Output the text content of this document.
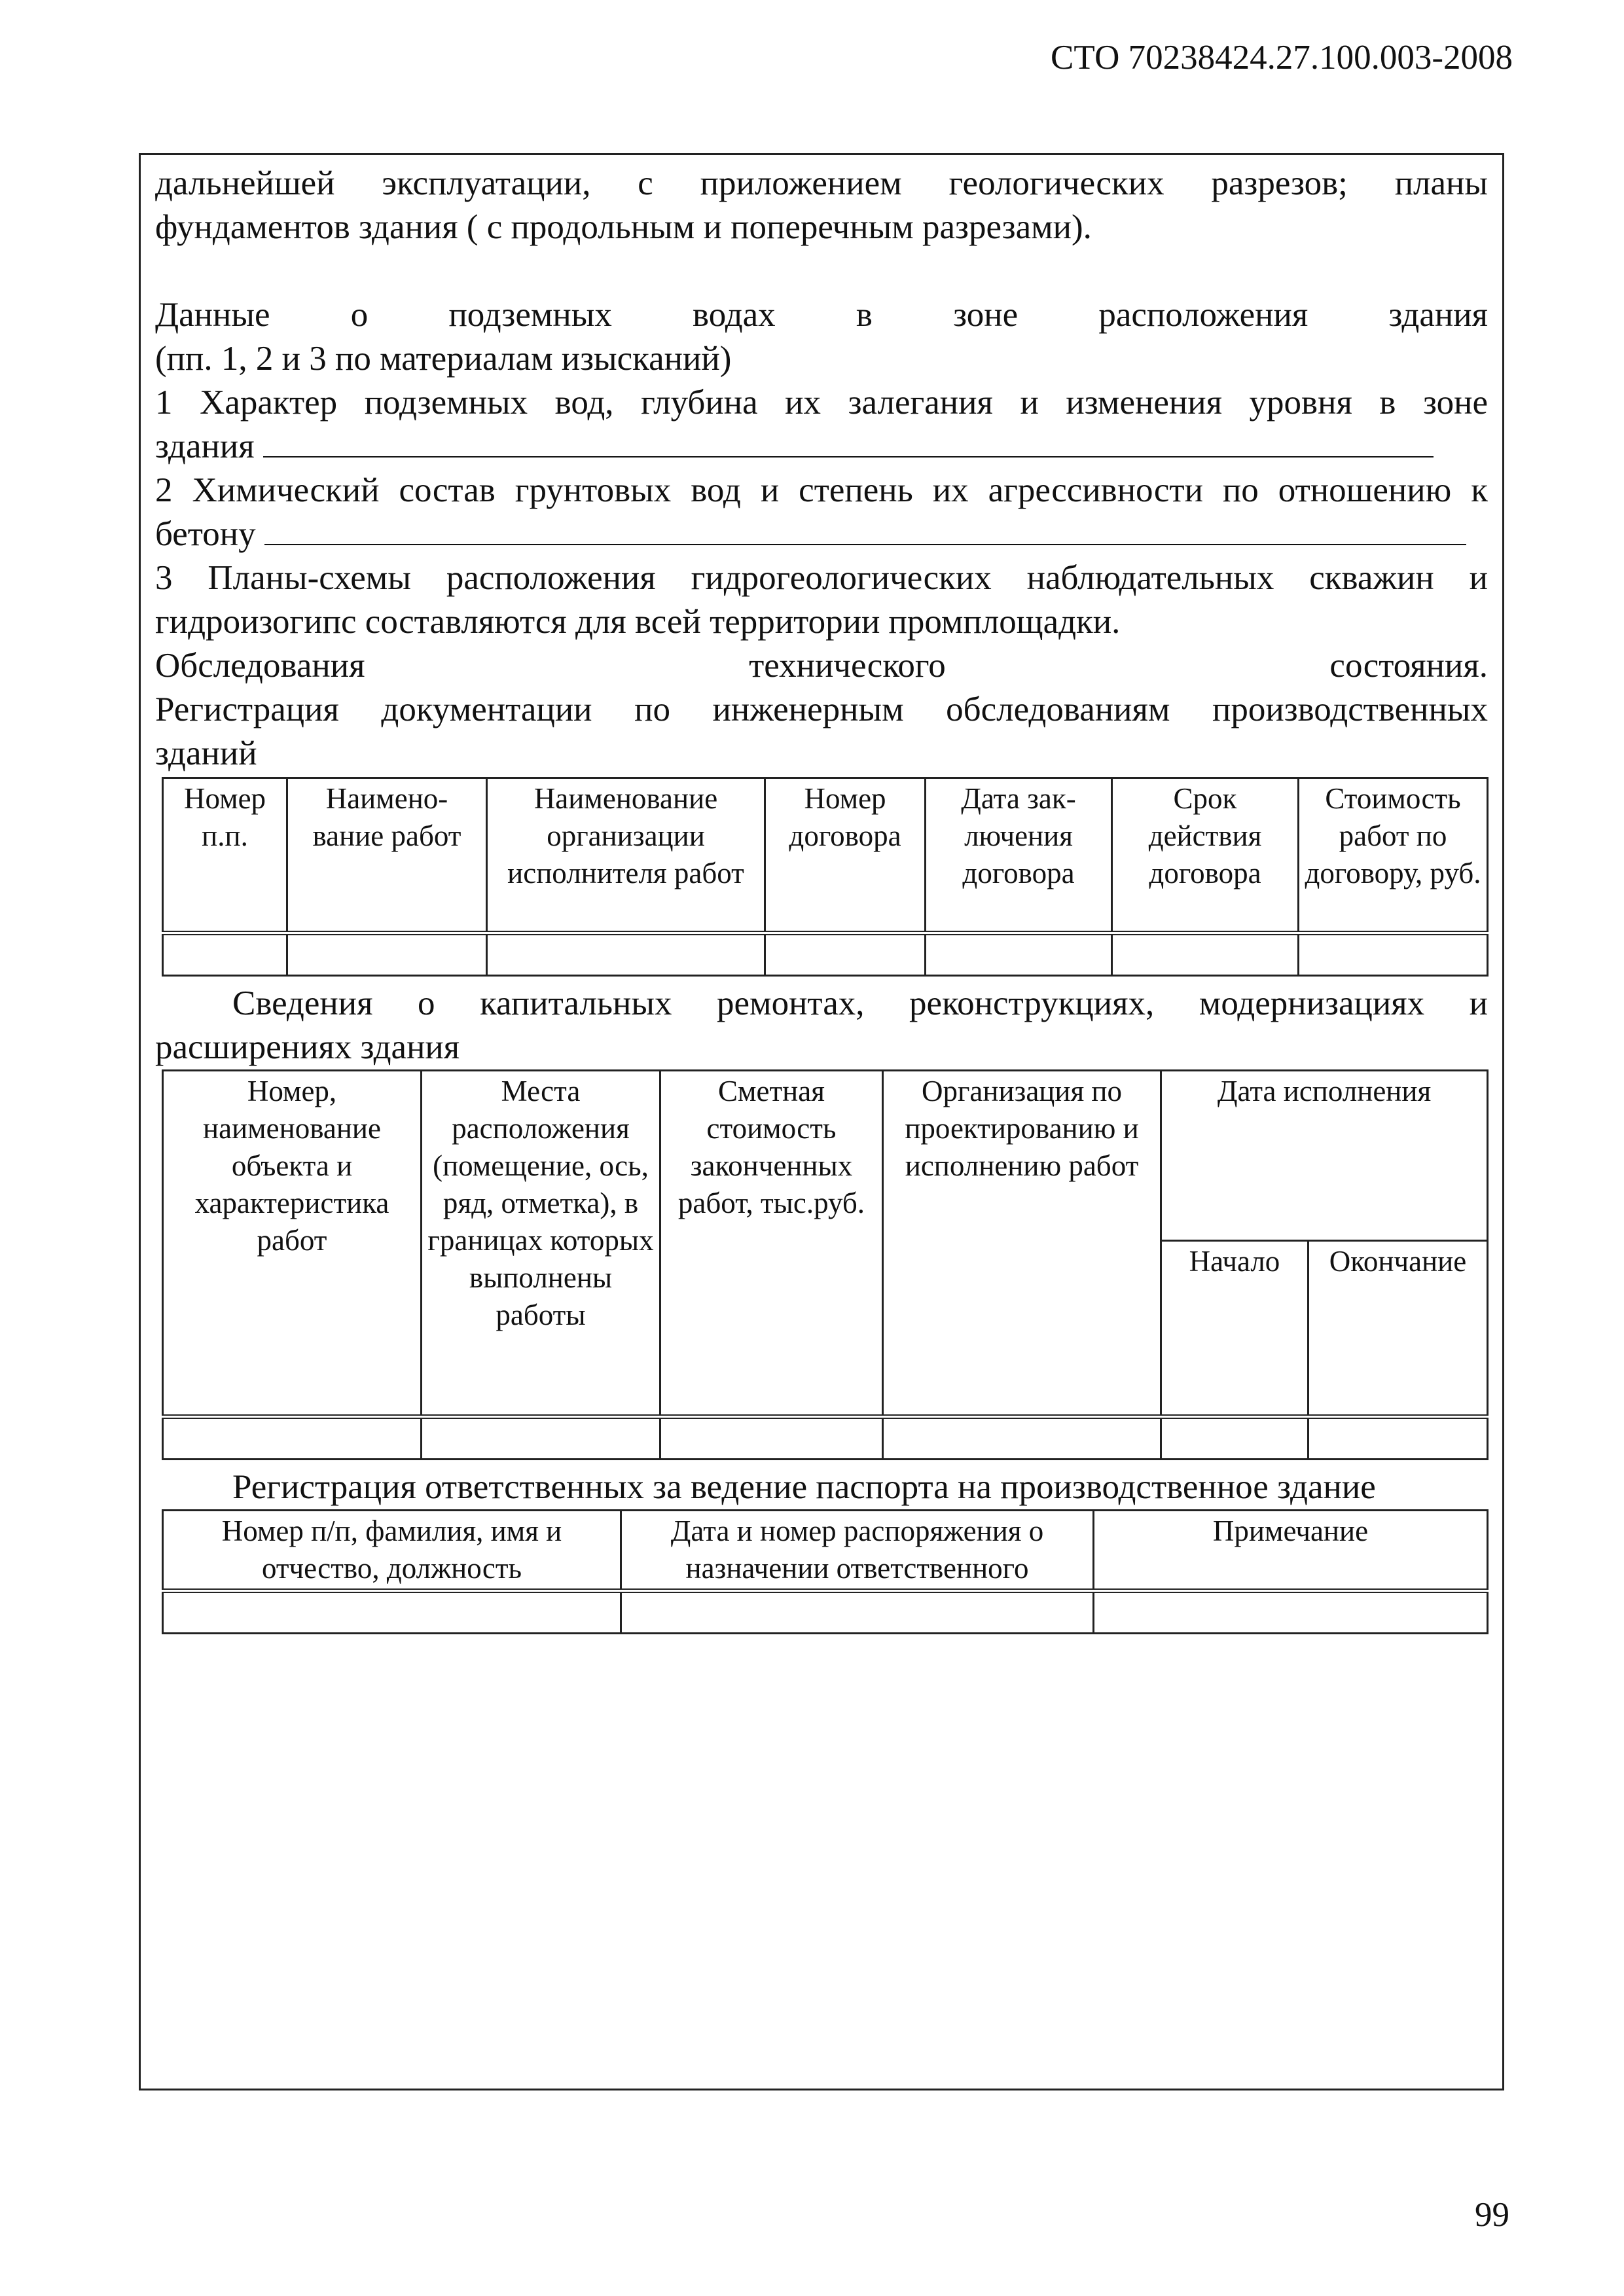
СТО 70238424.27.100.003-2008

дальнейшей эксплуатации, с приложением геологических разрезов; планы

фундаментов здания ( с продольным и поперечным разрезами).

Данные о подземных водах в зоне расположения здания

(пп. 1, 2 и 3 по материалам изысканий)

1 Характер подземных вод, глубина их залегания и изменения уровня в зоне

здания

2 Химический состав грунтовых вод и степень их агрессивности по отношению к

бетону

3 Планы-схемы расположения гидрогеологических наблюдательных скважин и

гидроизогипс составляются для всей территории промплощадки.

Обследования технического состояния.

Регистрация документации по инженерным обследованиям производственных

зданий

Номер п.п.	Наимено-вание работ	Наименование организации исполнителя работ	Номер договора	Дата зак-лючения договора	Срок действия договора	Стоимость работ по договору, руб.

Сведения о капитальных ремонтах, реконструкциях, модернизациях и

расширениях здания

Номер, наименование объекта и характеристика работ	Места расположения (помещение, ось, ряд, отметка), в границах которых выполнены работы	Сметная стоимость законченных работ, тыс.руб.	Организация по проектированию и исполнению работ	Дата исполнения	
				Начало	Окончание

Регистрация ответственных за ведение паспорта на производственное здание

Номер п/п, фамилия, имя и отчество, должность	Дата и номер распоряжения о назначении ответственного	Примечание

99
